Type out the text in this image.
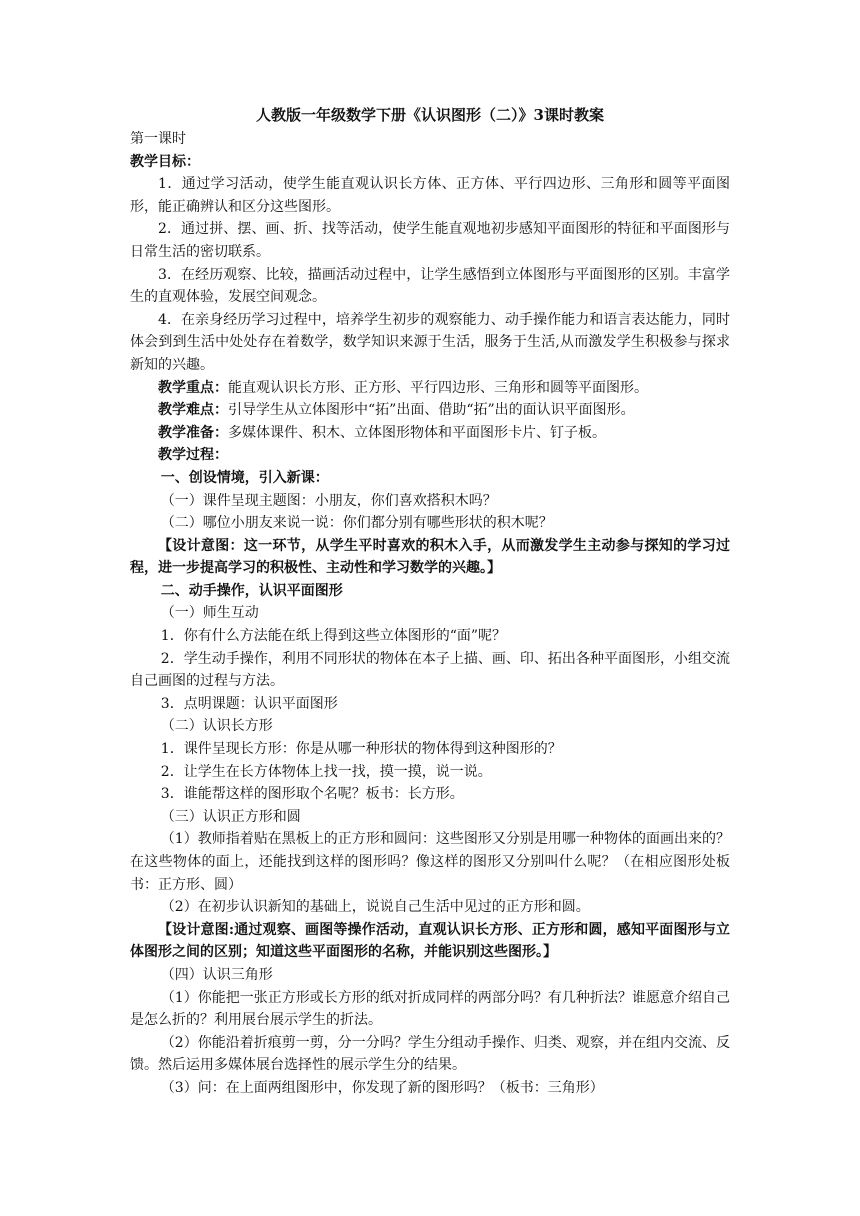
人教版一年级数学下册《认识图形（二）》3课时教案

第一课时

教学目标：

1．通过学习活动，使学生能直观认识长方体、正方体、平行四边形、三角形和圆等平面图形，能正确辨认和区分这些图形。

2．通过拼、摆、画、折、找等活动，使学生能直观地初步感知平面图形的特征和平面图形与日常生活的密切联系。

3．在经历观察、比较，描画活动过程中，让学生感悟到立体图形与平面图形的区别。丰富学生的直观体验，发展空间观念。

4．在亲身经历学习过程中，培养学生初步的观察能力、动手操作能力和语言表达能力，同时体会到到生活中处处存在着数学，数学知识来源于生活，服务于生活,从而激发学生积极参与探求新知的兴趣。

教学重点：能直观认识长方形、正方形、平行四边形、三角形和圆等平面图形。

教学难点：引导学生从立体图形中“拓”出面、借助“拓”出的面认识平面图形。

教学准备：多媒体课件、积木、立体图形物体和平面图形卡片、钉子板。

教学过程：

一、创设情境，引入新课：

（一）课件呈现主题图：小朋友，你们喜欢搭积木吗？

（二）哪位小朋友来说一说：你们都分别有哪些形状的积木呢？

【设计意图：这一环节，从学生平时喜欢的积木入手，从而激发学生主动参与探知的学习过程，进一步提高学习的积极性、主动性和学习数学的兴趣。】

二、动手操作，认识平面图形

（一）师生互动

1．你有什么方法能在纸上得到这些立体图形的“面”呢？

2．学生动手操作，利用不同形状的物体在本子上描、画、印、拓出各种平面图形，小组交流自己画图的过程与方法。

3．点明课题：认识平面图形

（二）认识长方形

1．课件呈现长方形：你是从哪一种形状的物体得到这种图形的？

2．让学生在长方体物体上找一找，摸一摸，说一说。

3．谁能帮这样的图形取个名呢？板书：长方形。

（三）认识正方形和圆

（1）教师指着贴在黑板上的正方形和圆问：这些图形又分别是用哪一种物体的面画出来的？在这些物体的面上，还能找到这样的图形吗？像这样的图形又分别叫什么呢？（在相应图形处板书：正方形、圆）

（2）在初步认识新知的基础上，说说自己生活中见过的正方形和圆。

【设计意图:通过观察、画图等操作活动，直观认识长方形、正方形和圆，感知平面图形与立体图形之间的区别；知道这些平面图形的名称，并能识别这些图形。】

（四）认识三角形

（1）你能把一张正方形或长方形的纸对折成同样的两部分吗？有几种折法？谁愿意介绍自己是怎么折的？利用展台展示学生的折法。

（2）你能沿着折痕剪一剪，分一分吗？学生分组动手操作、归类、观察，并在组内交流、反馈。然后运用多媒体展台选择性的展示学生分的结果。

（3）问：在上面两组图形中，你发现了新的图形吗？（板书：三角形）
